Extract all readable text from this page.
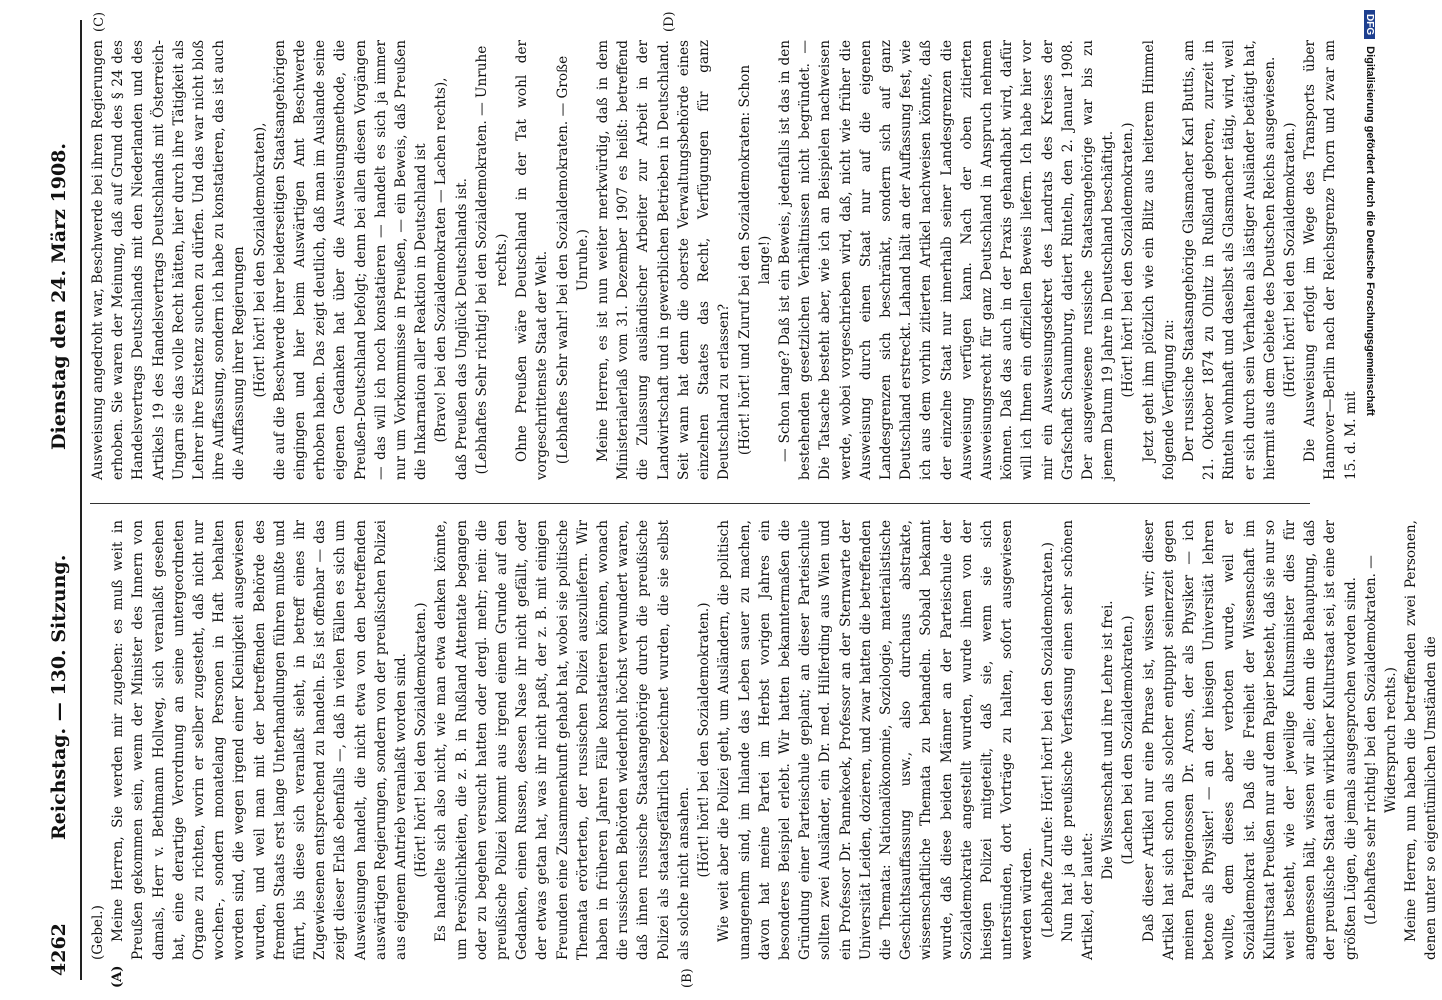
4262
Reichstag. — 130. Sitzung.
Dienstag den 24. März 1908.
(A)	(B)
(C)	(D)

(Gebel.) Meine Herren, Sie werden mir zugeben: es muß weit in Preußen gekommen sein, wenn der Minister des Innern von damals, Herr v. Bethmann Hollweg, sich veranlaßt gesehen hat, eine derartige Verordnung an seine untergeordneten Organe zu richten, worin er selber zugesteht, daß nicht nur wochen-, sondern monatelang Personen in Haft behalten worden sind, die wegen irgend einer Kleinigkeit ausgewiesen wurden, und weil man mit der betreffenden Behörde des fremden Staats erst lange Unterhandlungen führen mußte und führt, bis diese sich veranlaßt sieht, in betreff eines ihr Zugewiesenen entsprechend zu handeln. Es ist offenbar — das zeigt dieser Erlaß ebenfalls —, daß in vielen Fällen es sich um Ausweisungen handelt, die nicht etwa von den betreffenden auswärtigen Regierungen, sondern von der preußischen Polizei aus eigenem Antrieb veranlaßt worden sind. (Hört! hört! bei den Sozialdemokraten.) Es handelte sich also nicht, wie man etwa denken könnte, um Persönlichkeiten, die z. B. in Rußland Attentate begangen oder zu begehen versucht hatten oder dergl. mehr; nein: die preußische Polizei kommt aus irgend einem Grunde auf den Gedanken, einen Russen, dessen Nase ihr nicht gefällt, oder der etwas getan hat, was ihr nicht paßt, der z. B. mit einigen Freunden eine Zusammenkunft gehabt hat, wobei sie politische Themata erörterten, der russischen Polizei auszuliefern. Wir haben in früheren Jahren Fälle konstatieren können, wonach die russischen Behörden wiederholt höchst verwundert waren, daß ihnen russische Staatsangehörige durch die preußische Polizei als staatsgefährlich bezeichnet wurden, die sie selbst als solche nicht ansahen. (Hört! hört! bei den Sozialdemokraten.) Wie weit aber die Polizei geht, um Ausländern, die politisch unangenehm sind, im Inlande das Leben sauer zu machen, davon hat meine Partei im Herbst vorigen Jahres ein besonderes Beispiel erlebt. Wir hatten bekanntermaßen die Gründung einer Parteischule geplant; an dieser Parteischule sollten zwei Ausländer, ein Dr. med. Hilferding aus Wien und ein Professor Dr. Pannekoek, Professor an der Sternwarte der Universität Leiden, dozieren, und zwar hatten die betreffenden die Themata: Nationalökonomie, Soziologie, materialistische Geschichtsauffassung usw., also durchaus abstrakte, wissenschaftliche Themata zu behandeln. Sobald bekannt wurde, daß diese beiden Männer an der Parteischule der Sozialdemokratie angestellt wurden, wurde ihnen von der hiesigen Polizei mitgeteilt, daß sie, wenn sie sich unterstünden, dort Vorträge zu halten, sofort ausgewiesen werden würden. (Lebhafte Zurufe: Hört! hört! bei den Sozialdemokraten.) Nun hat ja die preußische Verfassung einen sehr schönen Artikel, der lautet:

Die Wissenschaft und ihre Lehre ist frei. (Lachen bei den Sozialdemokraten.) Daß dieser Artikel nur eine Phrase ist, wissen wir; dieser Artikel hat sich schon als solcher entpuppt seinerzeit gegen meinen Parteigenossen Dr. Arons, der als Physiker — ich betone als Physiker! — an der hiesigen Universität lehren wollte, dem dieses aber verboten wurde, weil er Sozialdemokrat ist. Daß die Freiheit der Wissenschaft im Kulturstaat Preußen nur auf dem Papier besteht, daß sie nur so weit besteht, wie der jeweilige Kultusminister dies für angemessen hält, wissen wir alle; denn die Behauptung, daß der preußische Staat ein wirklicher Kulturstaat sei, ist eine der größten Lügen, die jemals ausgesprochen worden sind. (Lebhaftes sehr richtig! bei den Sozialdemokraten. — Widerspruch rechts.) Meine Herren, nun haben die betreffenden zwei Personen, denen unter so eigentümlichen Umständen die

Ausweisung angedroht war, Beschwerde bei ihren Regierungen erhoben. Sie waren der Meinung, daß auf Grund des § 24 des Handelsvertrags Deutschlands mit den Niederlanden und des Artikels 19 des Handelsvertrags Deutschlands mit Österreich-Ungarn sie das volle Recht hätten, hier durch ihre Tätigkeit als Lehrer ihre Existenz suchen zu dürfen. Und das war nicht bloß ihre Auffassung, sondern ich habe zu konstatieren, das ist auch die Auffassung ihrer Regierungen (Hört! hört! bei den Sozialdemokraten), die auf die Beschwerde ihrer beiderseitigen Staatsangehörigen eingingen und hier beim Auswärtigen Amt Beschwerde erhoben haben. Das zeigt deutlich, daß man im Auslande seine eigenen Gedanken hat über die Ausweisungsmethode, die Preußen-Deutschland befolgt; denn bei allen diesen Vorgängen — das will ich noch konstatieren — handelt es sich ja immer nur um Vorkommnisse in Preußen, — ein Beweis, daß Preußen die Inkarnation aller Reaktion in Deutschland ist (Bravo! bei den Sozialdemokraten — Lachen rechts), daß Preußen das Unglück Deutschlands ist. (Lebhaftes Sehr richtig! bei den Sozialdemokraten. — Unruhe rechts.) Ohne Preußen wäre Deutschland in der Tat wohl der vorgeschrittenste Staat der Welt. (Lebhaftes Sehr wahr! bei den Sozialdemokraten. — Große Unruhe.) Meine Herren, es ist nun weiter merkwürdig, daß in dem Ministerialerlaß vom 31. Dezember 1907 es heißt: betreffend die Zulassung ausländischer Arbeiter zur Arbeit in der Landwirtschaft und in gewerblichen Betrieben in Deutschland. Seit wann hat denn die oberste Verwaltungsbehörde eines einzelnen Staates das Recht, Verfügungen für ganz Deutschland zu erlassen? (Hört! hört! und Zuruf bei den Sozialdemokraten: Schon lange!) — Schon lange? Daß ist ein Beweis, jedenfalls ist das in den bestehenden gesetzlichen Verhältnissen nicht begründet. — Die Tatsache besteht aber, wie ich an Beispielen nachweisen werde, wobei vorgeschrieben wird, daß, nicht wie früher die Ausweisung durch einen Staat nur auf die eigenen Landesgrenzen sich beschränkt, sondern sich auf ganz Deutschland erstreckt. Lahand hält an der Auffassung fest, wie ich aus dem vorhin zitierten Artikel nachweisen könnte, daß der einzelne Staat nur innerhalb seiner Landesgrenzen die Ausweisung verfügen kann. Nach der oben zitierten Ausweisungsrecht für ganz Deutschland in Anspruch nehmen können. Daß das auch in der Praxis gehandhabt wird, dafür will ich Ihnen ein offiziellen Beweis liefern. Ich habe hier vor mir ein Ausweisungsdekret des Landrats des Kreises der Grafschaft Schaumburg, datiert Rinteln, den 2. Januar 1908. Der ausgewiesene russische Staatsangehörige war bis zu jenem Datum 19 Jahre in Deutschland beschäftigt. (Hört! hört! bei den Sozialdemokraten.) Jetzt geht ihm plötzlich wie ein Blitz aus heiterem Himmel folgende Verfügung zu: Der russische Staatsangehörige Glasmacher Karl Buttis, am 21. Oktober 1874 zu Olnitz in Rußland geboren, zurzeit in Rinteln wohnhaft und daselbst als Glasmacher tätig, wird, weil er sich durch sein Verhalten als lästiger Ausländer betätigt hat, hiermit aus dem Gebiete des Deutschen Reichs ausgewiesen. (Hört! hört! bei den Sozialdemokraten.) Die Ausweisung erfolgt im Wege des Transports über Hannover—Berlin nach der Reichsgrenze Thorn und zwar am 15. d. M. mit

DFG Digitalisierung gefördert durch die Deutsche Forschungsgemeinschaft
